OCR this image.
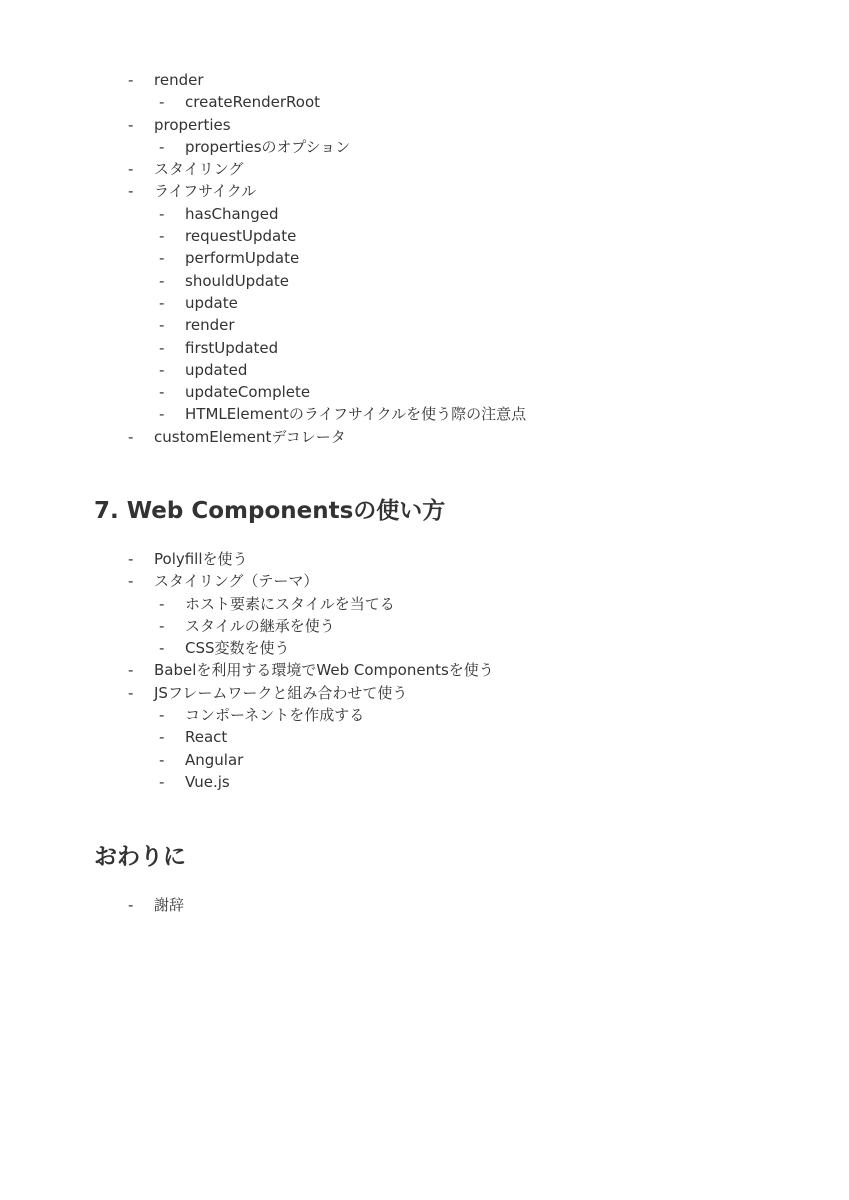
-	render
-	createRenderRoot
-	properties
-	propertiesのオプション
-	スタイリング
-	ライフサイクル
-	hasChanged
-	requestUpdate
-	performUpdate
-	shouldUpdate
-	update
-	render
-	firstUpdated
-	updated
-	updateComplete
-	HTMLElementのライフサイクルを使う際の注意点
-	customElementデコレータ
7. Web Componentsの使い方
-	Polyfillを使う
-	スタイリング（テーマ）
-	ホスト要素にスタイルを当てる
-	スタイルの継承を使う
-	CSS変数を使う
-	Babelを利用する環境でWeb Componentsを使う
-	JSフレームワークと組み合わせて使う
-	コンポーネントを作成する
-	React
-	Angular
-	Vue.js
おわりに
-	謝辞
